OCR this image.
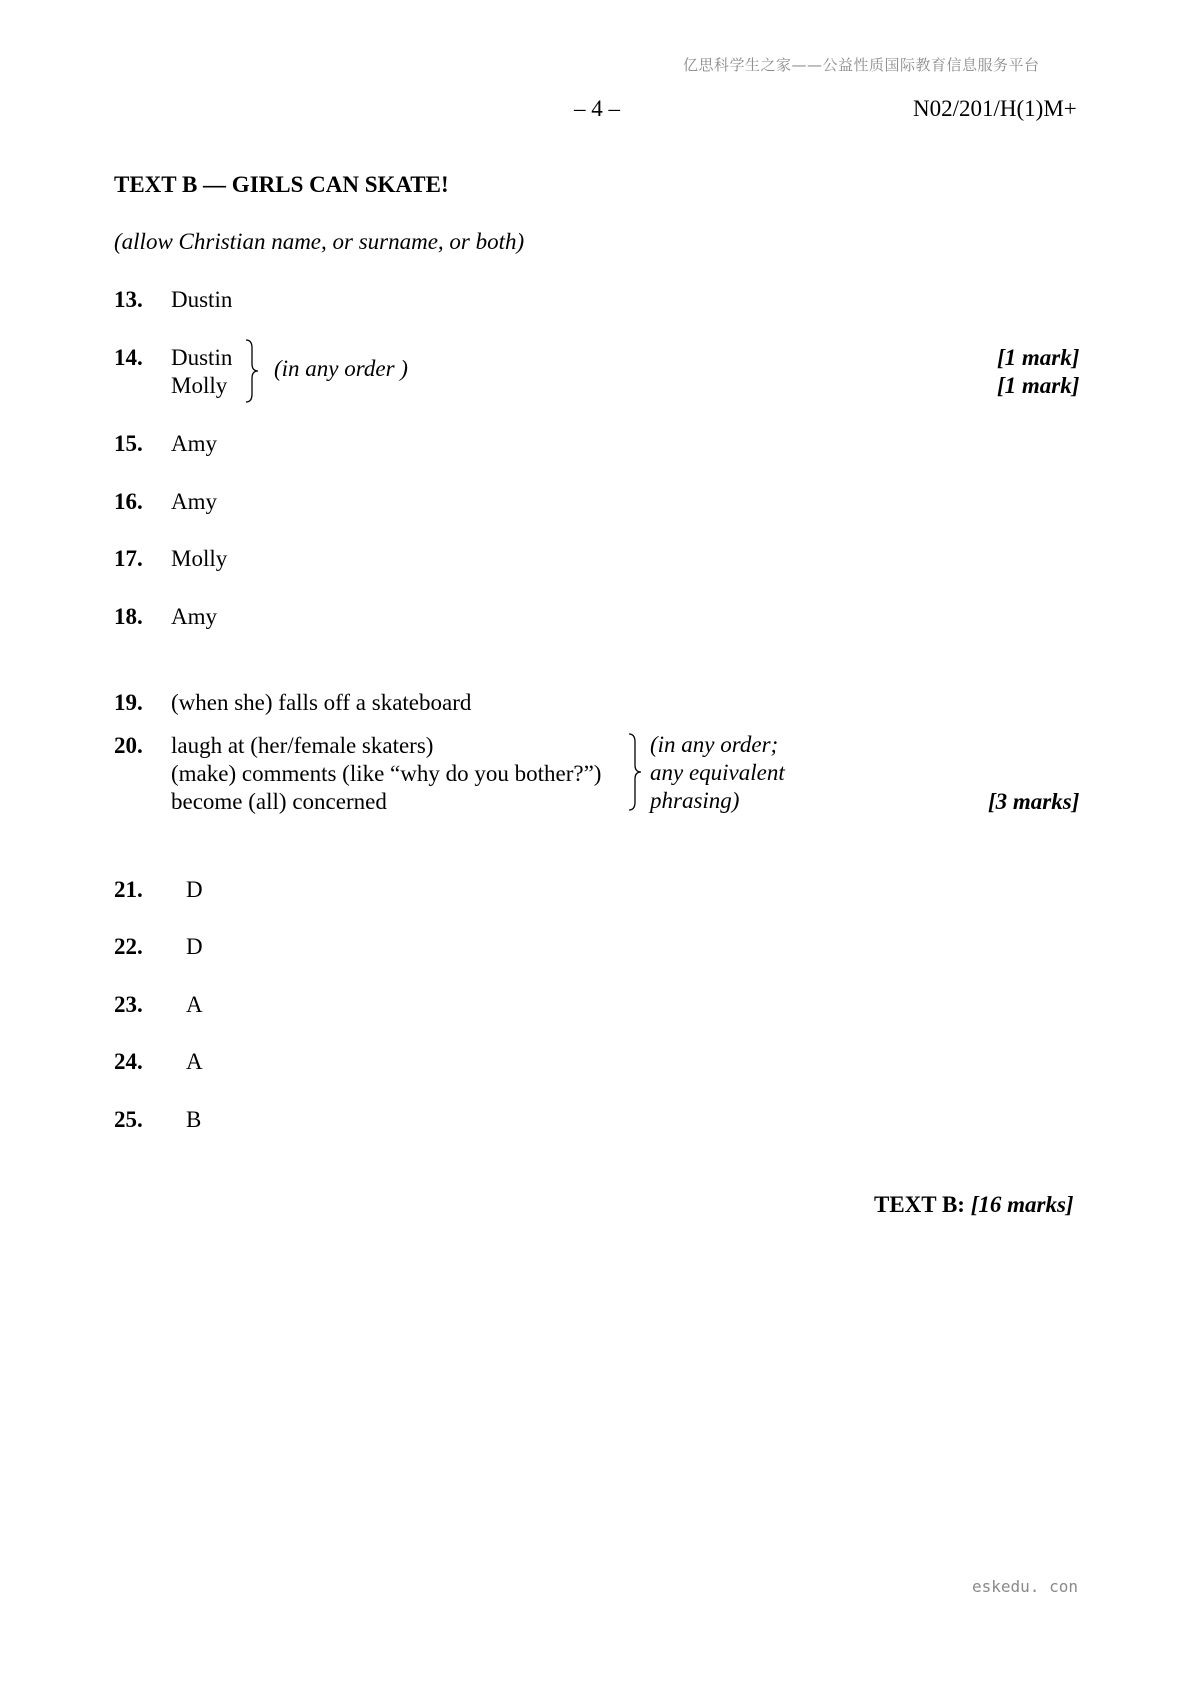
亿思科学生之家——公益性质国际教育信息服务平台
– 4 –	N02/201/H(1)M+
TEXT B — GIRLS CAN SKATE!
(allow Christian name, or surname, or both)
13. Dustin
14. Dustin
Molly
(in any order )	[1 mark]
[1 mark]
15. Amy
16. Amy
17. Molly
18. Amy
19. (when she) falls off a skateboard
20. laugh at (her/female skaters)
(make) comments (like “why do you bother?”)
become (all) concerned
(in any order;
any equivalent
phrasing)	[3 marks]
21. D
22. D
23. A
24. A
25. B
TEXT B: [16 marks]
eskedu. con
